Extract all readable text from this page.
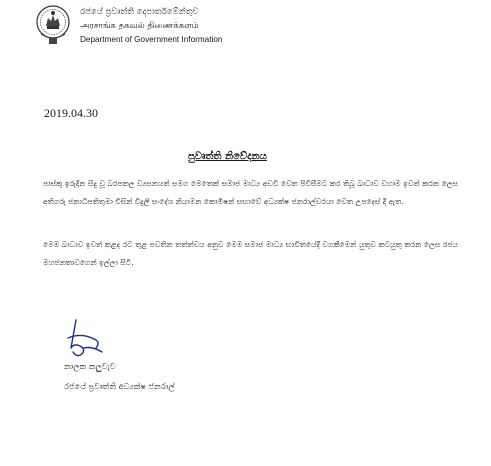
රජයේ ප්‍රවෘත්ති දෙපාර්තමේන්තුව
அரசாங்க தகவல் திணைக்களம்
Department of Government Information
2019.04.30
පුවෘත්ති නිවේදනය
පාස්කු ඉරුදින සිදු වූ බරපතල ව්‍යසනයත් සමග මෙතෙක් සමාජ මාධ්‍ය අඩවි වෙත පිවිසීමට කර තිබූ බාධාව වහාම ඉවත් කරන ලෙස අතිගරු ජනාධිපතිතුමා විසින් විදුලි සංදේශ නියාමන කොමිෂන් සභාවේ අධ්‍යක්ෂ ජනරාල්වරයා වෙත උපදෙස් දී ඇත.
මෙම බාධාව ඉවත් කළද රට තුළ පවතින තත්ත්වය අනුව මෙම සමාජ මාධ්‍ය භාවිතයේදී වගකීමෙන් යුතුව කටයුතු කරන ලෙස රජය මහජනතාවගෙන් ඉල්ලා සිටී.
නාලක කලුවැව
රජයේ ප්‍රවෘත්ති අධ්‍යක්ෂ ජනරාල්
